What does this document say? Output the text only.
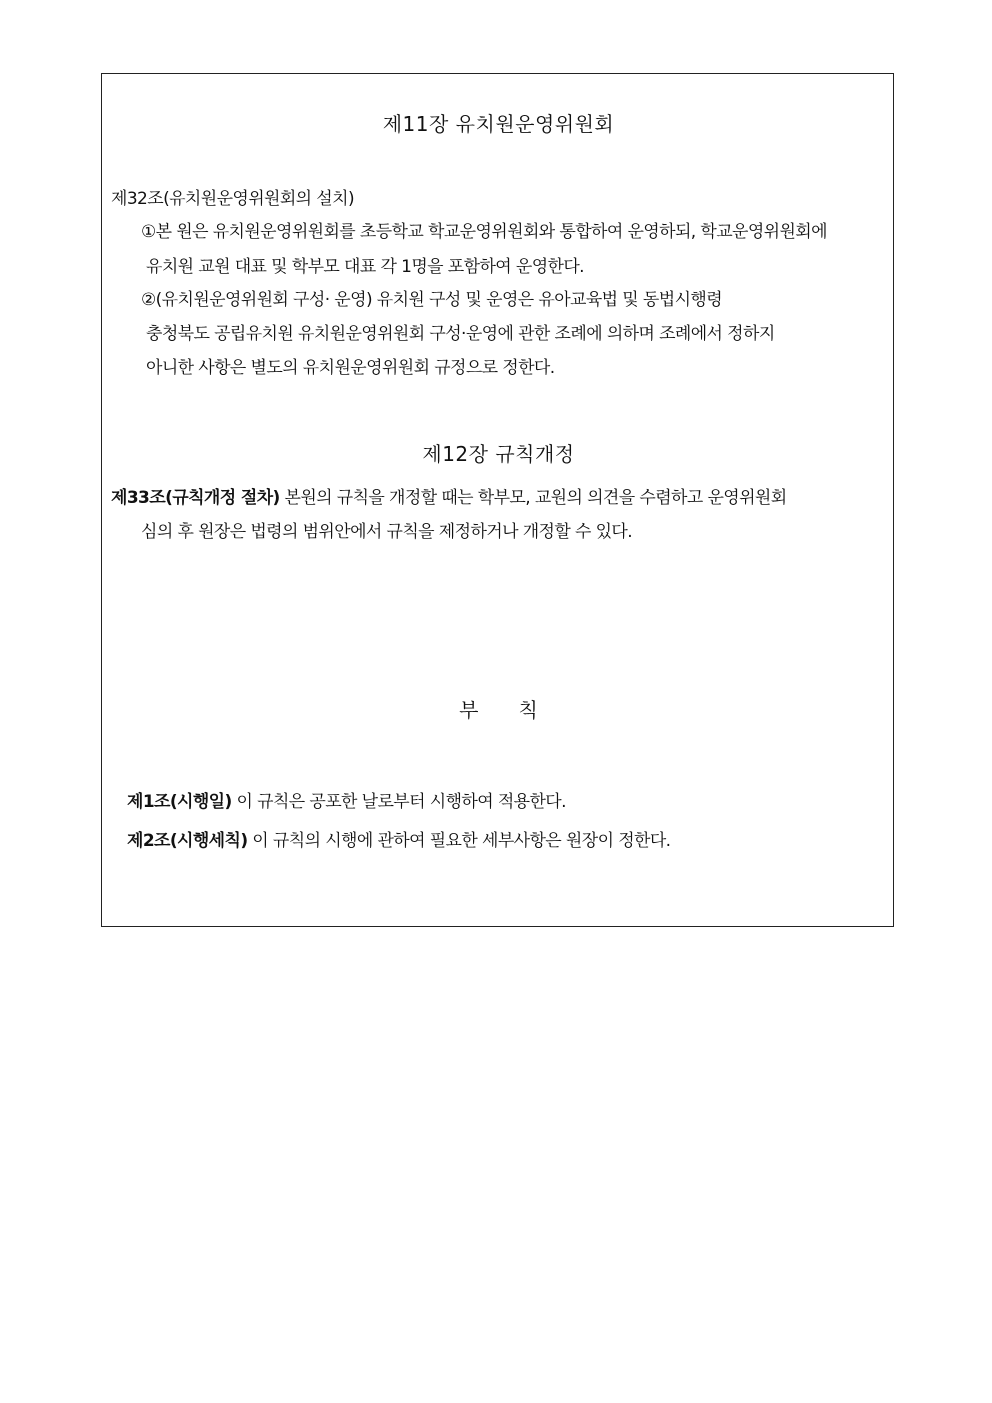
제11장 유치원운영위원회
제32조(유치원운영위원회의 설치)
①본 원은 유치원운영위원회를 초등학교 학교운영위원회와 통합하여 운영하되, 학교운영위원회에
유치원 교원 대표 및 학부모 대표 각 1명을 포함하여 운영한다.
②(유치원운영위원회 구성· 운영) 유치원 구성 및 운영은 유아교육법 및 동법시행령
충청북도 공립유치원 유치원운영위원회 구성·운영에 관한 조례에 의하며 조례에서 정하지
아니한 사항은 별도의 유치원운영위원회 규정으로 정한다.
제12장 규칙개정
제33조(규칙개정 절차) 본원의 규칙을 개정할 때는 학부모, 교원의 의견을 수렴하고 운영위원회
심의 후 원장은 법령의 범위안에서 규칙을 제정하거나 개정할 수 있다.
부칙
제1조(시행일) 이 규칙은 공포한 날로부터 시행하여 적용한다.
제2조(시행세칙) 이 규칙의 시행에 관하여 필요한 세부사항은 원장이 정한다.
